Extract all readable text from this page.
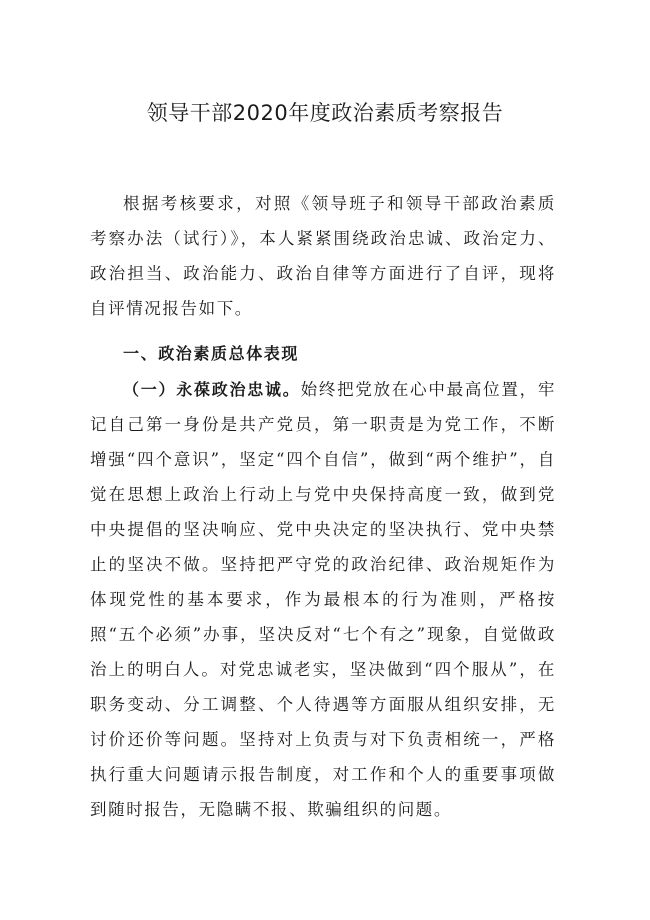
领导干部2020年度政治素质考察报告

根据考核要求，对照《领导班子和领导干部政治素质考察办法（试行）》，本人紧紧围绕政治忠诚、政治定力、政治担当、政治能力、政治自律等方面进行了自评，现将自评情况报告如下。

一、政治素质总体表现

（一）永葆政治忠诚。始终把党放在心中最高位置，牢记自己第一身份是共产党员，第一职责是为党工作，不断增强“四个意识”，坚定“四个自信”，做到“两个维护”，自觉在思想上政治上行动上与党中央保持高度一致，做到党中央提倡的坚决响应、党中央决定的坚决执行、党中央禁止的坚决不做。坚持把严守党的政治纪律、政治规矩作为体现党性的基本要求，作为最根本的行为准则，严格按照“五个必须”办事，坚决反对“七个有之”现象，自觉做政治上的明白人。对党忠诚老实，坚决做到“四个服从”，在职务变动、分工调整、个人待遇等方面服从组织安排，无讨价还价等问题。坚持对上负责与对下负责相统一，严格执行重大问题请示报告制度，对工作和个人的重要事项做到随时报告，无隐瞒不报、欺骗组织的问题。
